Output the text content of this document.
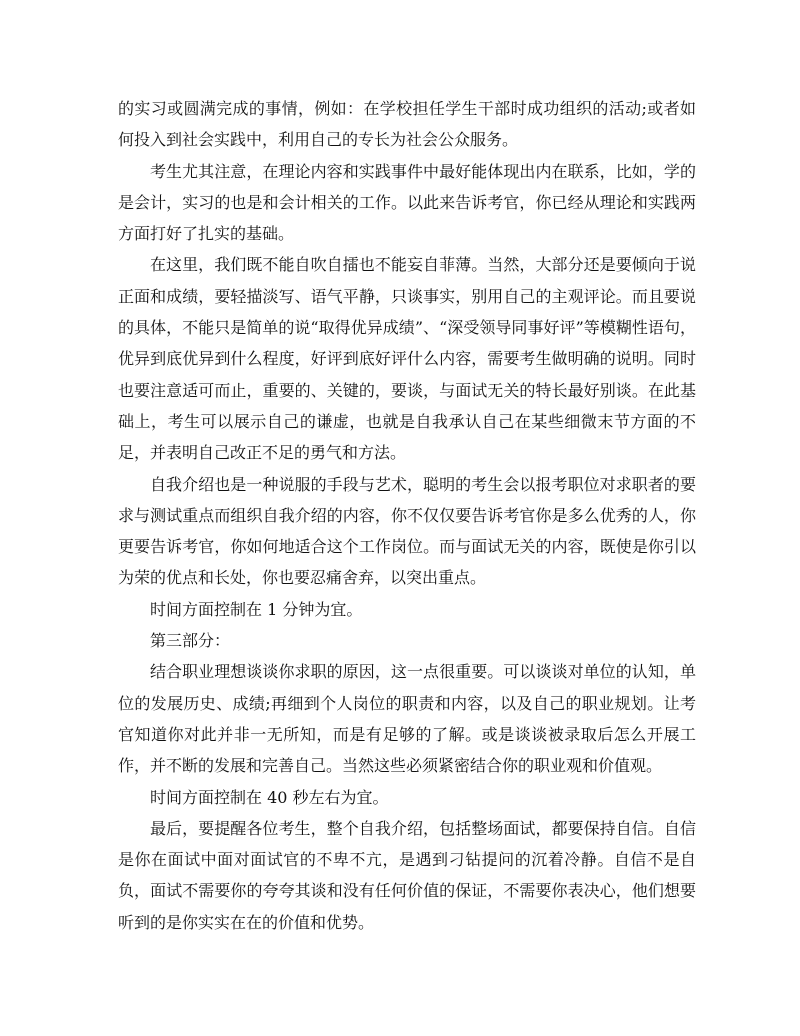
的实习或圆满完成的事情，例如：在学校担任学生干部时成功组织的活动;或者如何投入到社会实践中，利用自己的专长为社会公众服务。

考生尤其注意，在理论内容和实践事件中最好能体现出内在联系，比如，学的是会计，实习的也是和会计相关的工作。以此来告诉考官，你已经从理论和实践两方面打好了扎实的基础。

在这里，我们既不能自吹自擂也不能妄自菲薄。当然，大部分还是要倾向于说正面和成绩，要轻描淡写、语气平静，只谈事实，别用自己的主观评论。而且要说的具体，不能只是简单的说“取得优异成绩”、“深受领导同事好评”等模糊性语句，优异到底优异到什么程度，好评到底好评什么内容，需要考生做明确的说明。同时也要注意适可而止，重要的、关键的，要谈，与面试无关的特长最好别谈。在此基础上，考生可以展示自己的谦虚，也就是自我承认自己在某些细微末节方面的不足，并表明自己改正不足的勇气和方法。

自我介绍也是一种说服的手段与艺术，聪明的考生会以报考职位对求职者的要求与测试重点而组织自我介绍的内容，你不仅仅要告诉考官你是多么优秀的人，你更要告诉考官，你如何地适合这个工作岗位。而与面试无关的内容，既使是你引以为荣的优点和长处，你也要忍痛舍弃，以突出重点。

时间方面控制在 1 分钟为宜。

第三部分：

结合职业理想谈谈你求职的原因，这一点很重要。可以谈谈对单位的认知，单位的发展历史、成绩;再细到个人岗位的职责和内容，以及自己的职业规划。让考官知道你对此并非一无所知，而是有足够的了解。或是谈谈被录取后怎么开展工作，并不断的发展和完善自己。当然这些必须紧密结合你的职业观和价值观。

时间方面控制在 40 秒左右为宜。

最后，要提醒各位考生，整个自我介绍，包括整场面试，都要保持自信。自信是你在面试中面对面试官的不卑不亢，是遇到刁钻提问的沉着冷静。自信不是自负，面试不需要你的夸夸其谈和没有任何价值的保证，不需要你表决心，他们想要听到的是你实实在在的价值和优势。
